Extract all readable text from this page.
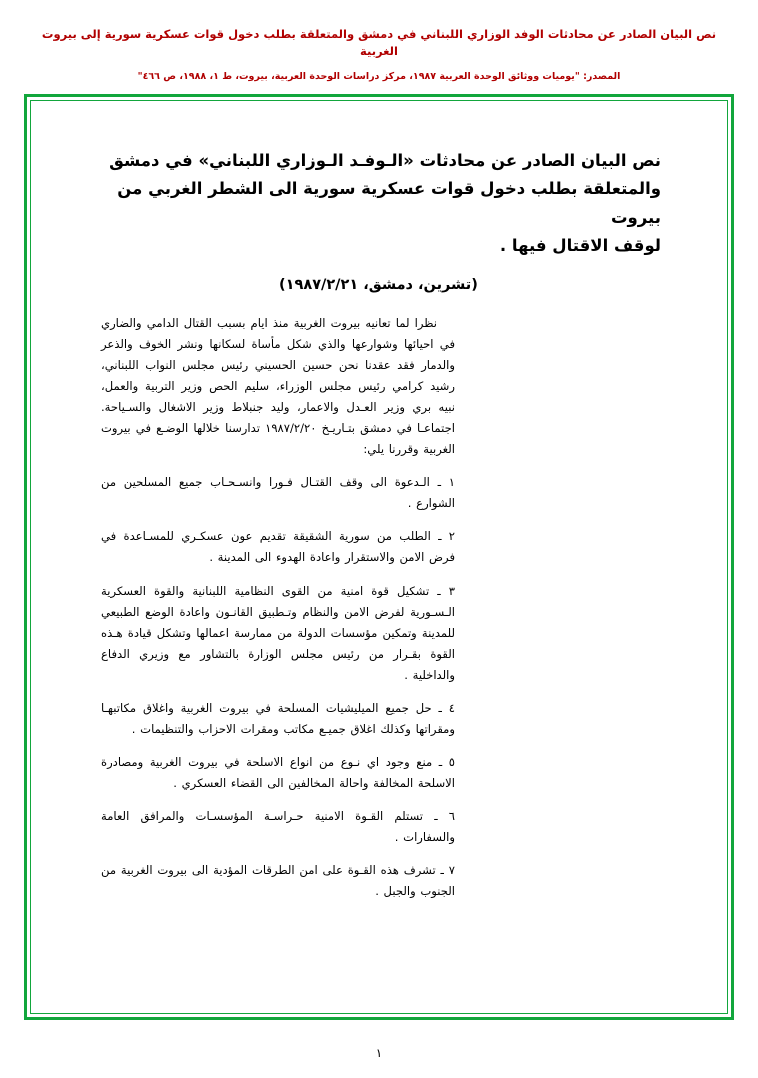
نص البيان الصادر عن محادثات الوفد الوزاري اللبناني في دمشق والمتعلقة بطلب دخول قوات عسكرية سورية إلى بيروت الغربية
المصدر: "يوميات ووثائق الوحدة العربية ١٩٨٧، مركز دراسات الوحدة العربية، بيروت، ط ١، ١٩٨٨، ص ٤٦٦"
نص البيان الصادر عن محادثات «الـوفـد الـوزاري اللبناني» في دمشق
والمتعلقة بطلب دخول قوات عسكرية سورية الى الشطر الغربي من بيروت
لوقف الاقتال فيها .
(تشرين، دمشق، ١٩٨٧/٢/٢١)

نظرا لما تعانيه بيروت الغربية منذ ايام بسبب القتال الدامي والضاري في احيائها وشوارعها والذي شكل مأساة لسكانها ونشر الخوف والذعر والدمار فقد عقدنا نحن حسين الحسيني رئيس مجلس النواب اللبناني، رشيد كرامي رئيس مجلس الوزراء، سليم الحص وزير التربية والعمل، نبيه بري وزير العـدل والاعمار، وليد جنبلاط وزير الاشغال والسـياحة. اجتماعـا في دمشق بتـاريـخ ١٩٨٧/٢/٢٠ تدارسنا خلالها الوضـع في بيروت الغربية وقررنا يلي:

١ ـ الـدعوة الى وقف القتـال فـورا وانسـحـاب جميع المسلحين من الشوارع .

٢ ـ الطلب من سورية الشقيقة تقديم عون عسكـري للمسـاعدة في فرض الامن والاستقرار واعادة الهدوء الى المدينة .

٣ ـ تشكيل قوة امنية من القوى النظامية اللبنانية والقوة العسكرية الـسـورية لفرض الامن والنظام وتـطبيق القانـون واعادة الوضع الطبيعي للمدينة وتمكين مؤسسات الدولة من ممارسة اعمالها وتشكل قيادة هـذه القوة بقـرار من رئيس مجلس الوزارة بالتشاور مع وزيري الدفاع والداخلية .

٤ ـ حل جميع الميليشيات المسلحة في بيروت الغربية واغلاق مكاتبهـا ومقراتها وكذلك اغلاق جميـع مكاتب ومقرات الاحزاب والتنظيمات .

٥ ـ منع وجود اي نـوع من انواع الاسلحة في بيروت الغربية ومصادرة الاسلحة المخالفة واحالة المخالفين الى القضاء العسكري .

٦ ـ تستلم القـوة الامنية حـراسـة المؤسسـات والمرافق العامة والسفارات .

٧ ـ تشرف هذه القـوة على امن الطرقات المؤدية الى بيروت الغربية من الجنوب والجبل .

١
